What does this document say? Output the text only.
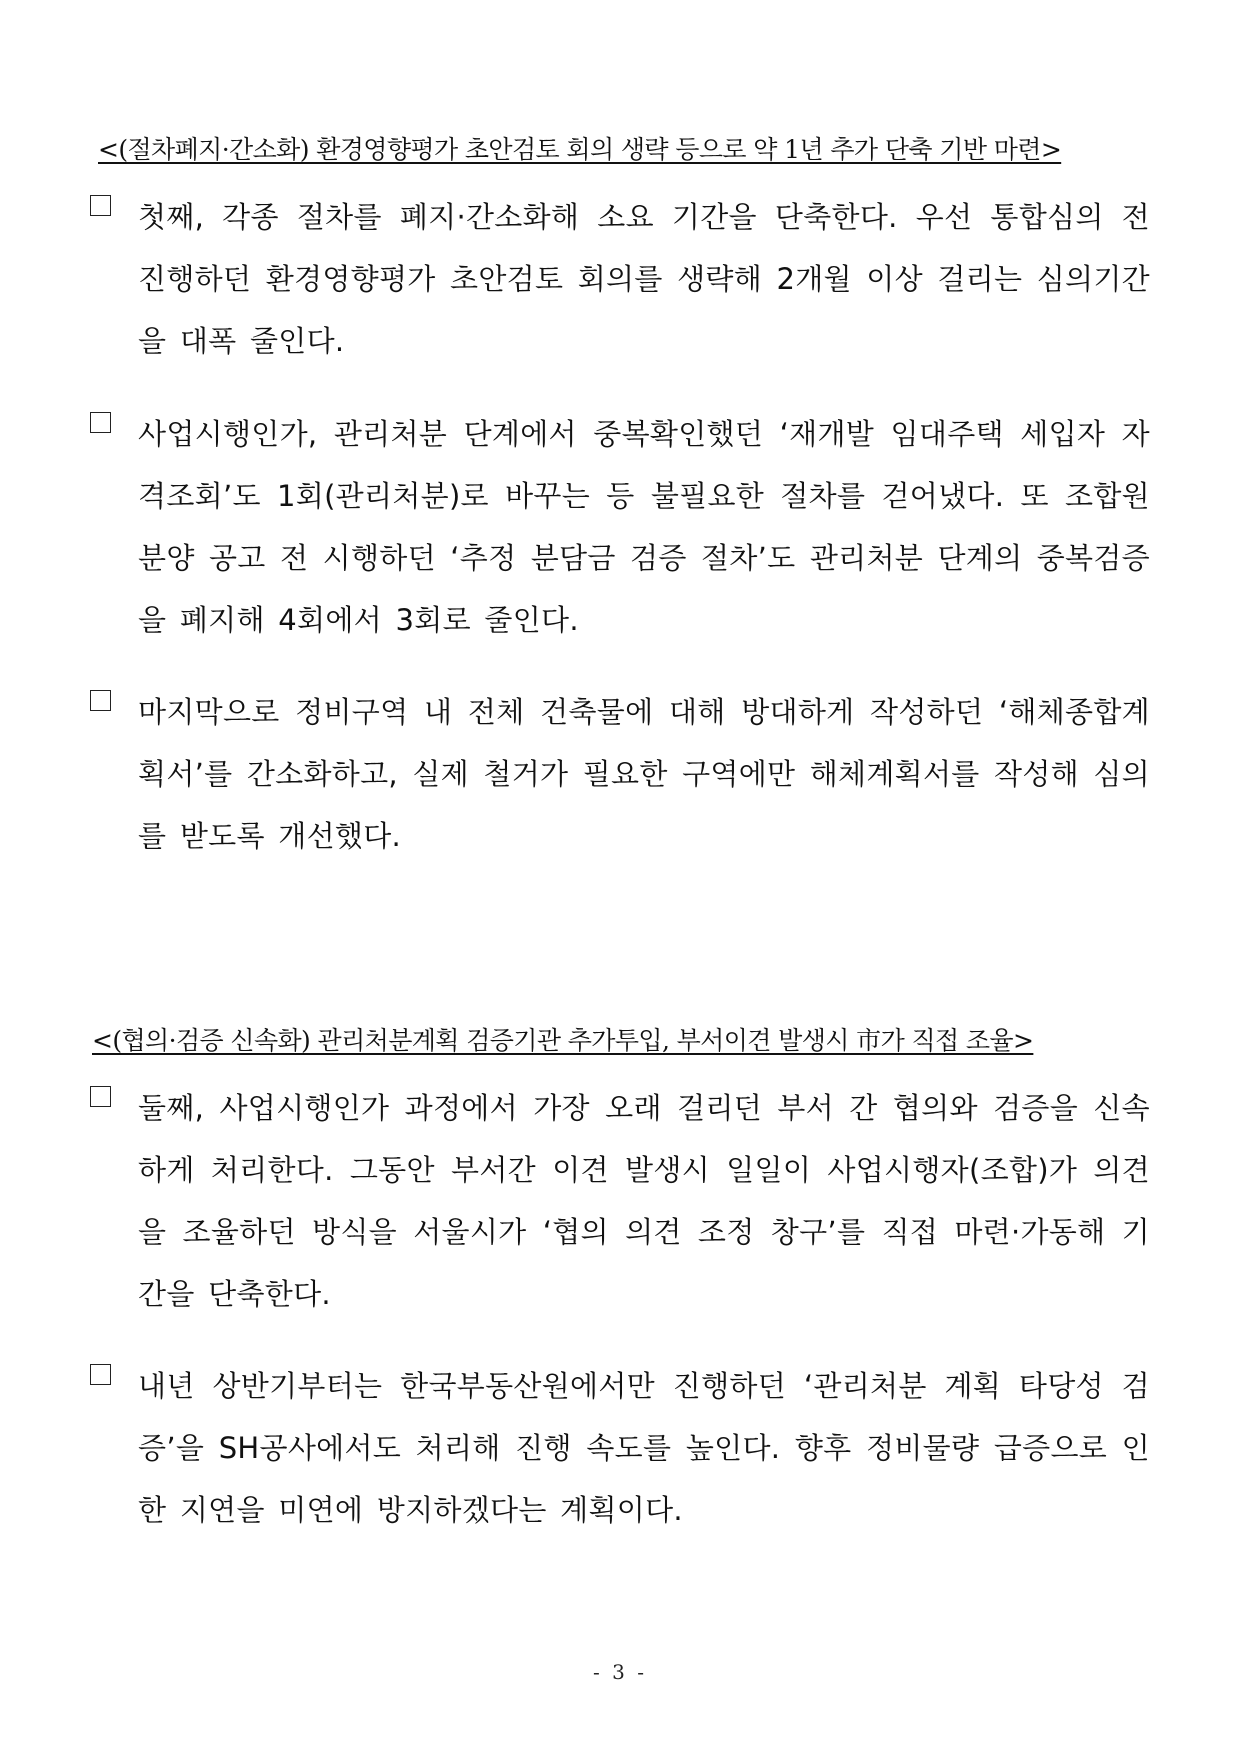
<(절차폐지·간소화) 환경영향평가 초안검토 회의 생략 등으로 약 1년 추가 단축 기반 마련>
첫째, 각종 절차를 폐지·간소화해 소요 기간을 단축한다. 우선 통합심의 전 진행하던 환경영향평가 초안검토 회의를 생략해 2개월 이상 걸리는 심의기간을 대폭 줄인다.
사업시행인가, 관리처분 단계에서 중복확인했던 ‘재개발 임대주택 세입자 자격조회’도 1회(관리처분)로 바꾸는 등 불필요한 절차를 걷어냈다. 또 조합원 분양 공고 전 시행하던 ‘추정 분담금 검증 절차’도 관리처분 단계의 중복검증을 폐지해 4회에서 3회로 줄인다.
마지막으로 정비구역 내 전체 건축물에 대해 방대하게 작성하던 ‘해체종합계획서’를 간소화하고, 실제 철거가 필요한 구역에만 해체계획서를 작성해 심의를 받도록 개선했다.
<(협의·검증 신속화) 관리처분계획 검증기관 추가투입, 부서이견 발생시 市가 직접 조율>
둘째, 사업시행인가 과정에서 가장 오래 걸리던 부서 간 협의와 검증을 신속하게 처리한다. 그동안 부서간 이견 발생시 일일이 사업시행자(조합)가 의견을 조율하던 방식을 서울시가 ‘협의 의견 조정 창구’를 직접 마련·가동해 기간을 단축한다.
내년 상반기부터는 한국부동산원에서만 진행하던 ‘관리처분 계획 타당성 검증’을 SH공사에서도 처리해 진행 속도를 높인다. 향후 정비물량 급증으로 인한 지연을 미연에 방지하겠다는 계획이다.
- 3 -
